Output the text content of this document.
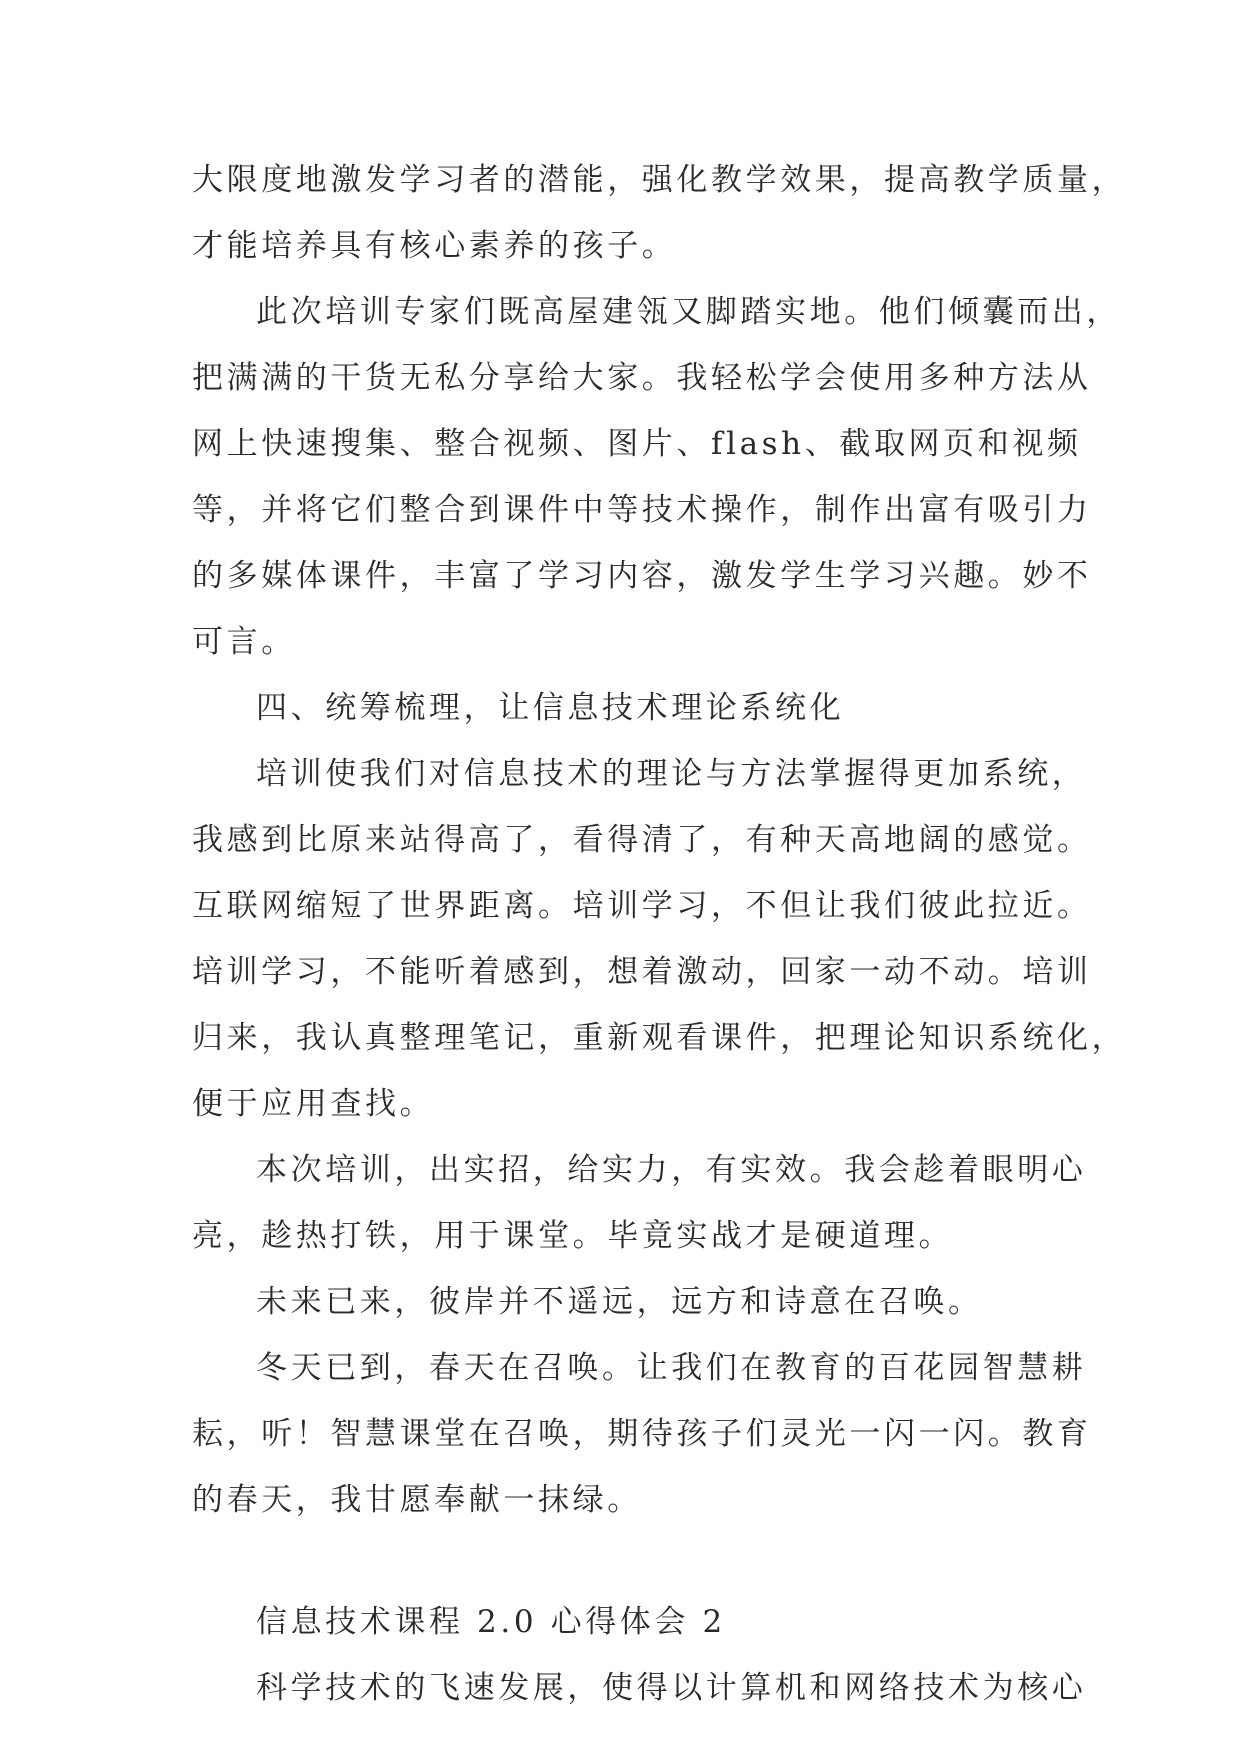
大限度地激发学习者的潜能，强化教学效果，提高教学质量，
才能培养具有核心素养的孩子。
此次培训专家们既高屋建瓴又脚踏实地。他们倾囊而出，
把满满的干货无私分享给大家。我轻松学会使用多种方法从
网上快速搜集、整合视频、图片、flash、截取网页和视频
等，并将它们整合到课件中等技术操作，制作出富有吸引力
的多媒体课件，丰富了学习内容，激发学生学习兴趣。妙不
可言。
四、统筹梳理，让信息技术理论系统化
培训使我们对信息技术的理论与方法掌握得更加系统，
我感到比原来站得高了，看得清了，有种天高地阔的感觉。
互联网缩短了世界距离。培训学习，不但让我们彼此拉近。
培训学习，不能听着感到，想着激动，回家一动不动。培训
归来，我认真整理笔记，重新观看课件，把理论知识系统化，
便于应用查找。
本次培训，出实招，给实力，有实效。我会趁着眼明心
亮，趁热打铁，用于课堂。毕竟实战才是硬道理。
未来已来，彼岸并不遥远，远方和诗意在召唤。
冬天已到，春天在召唤。让我们在教育的百花园智慧耕
耘，听！智慧课堂在召唤，期待孩子们灵光一闪一闪。教育
的春天，我甘愿奉献一抹绿。
信息技术课程 2.0 心得体会 2
科学技术的飞速发展，使得以计算机和网络技术为核心
